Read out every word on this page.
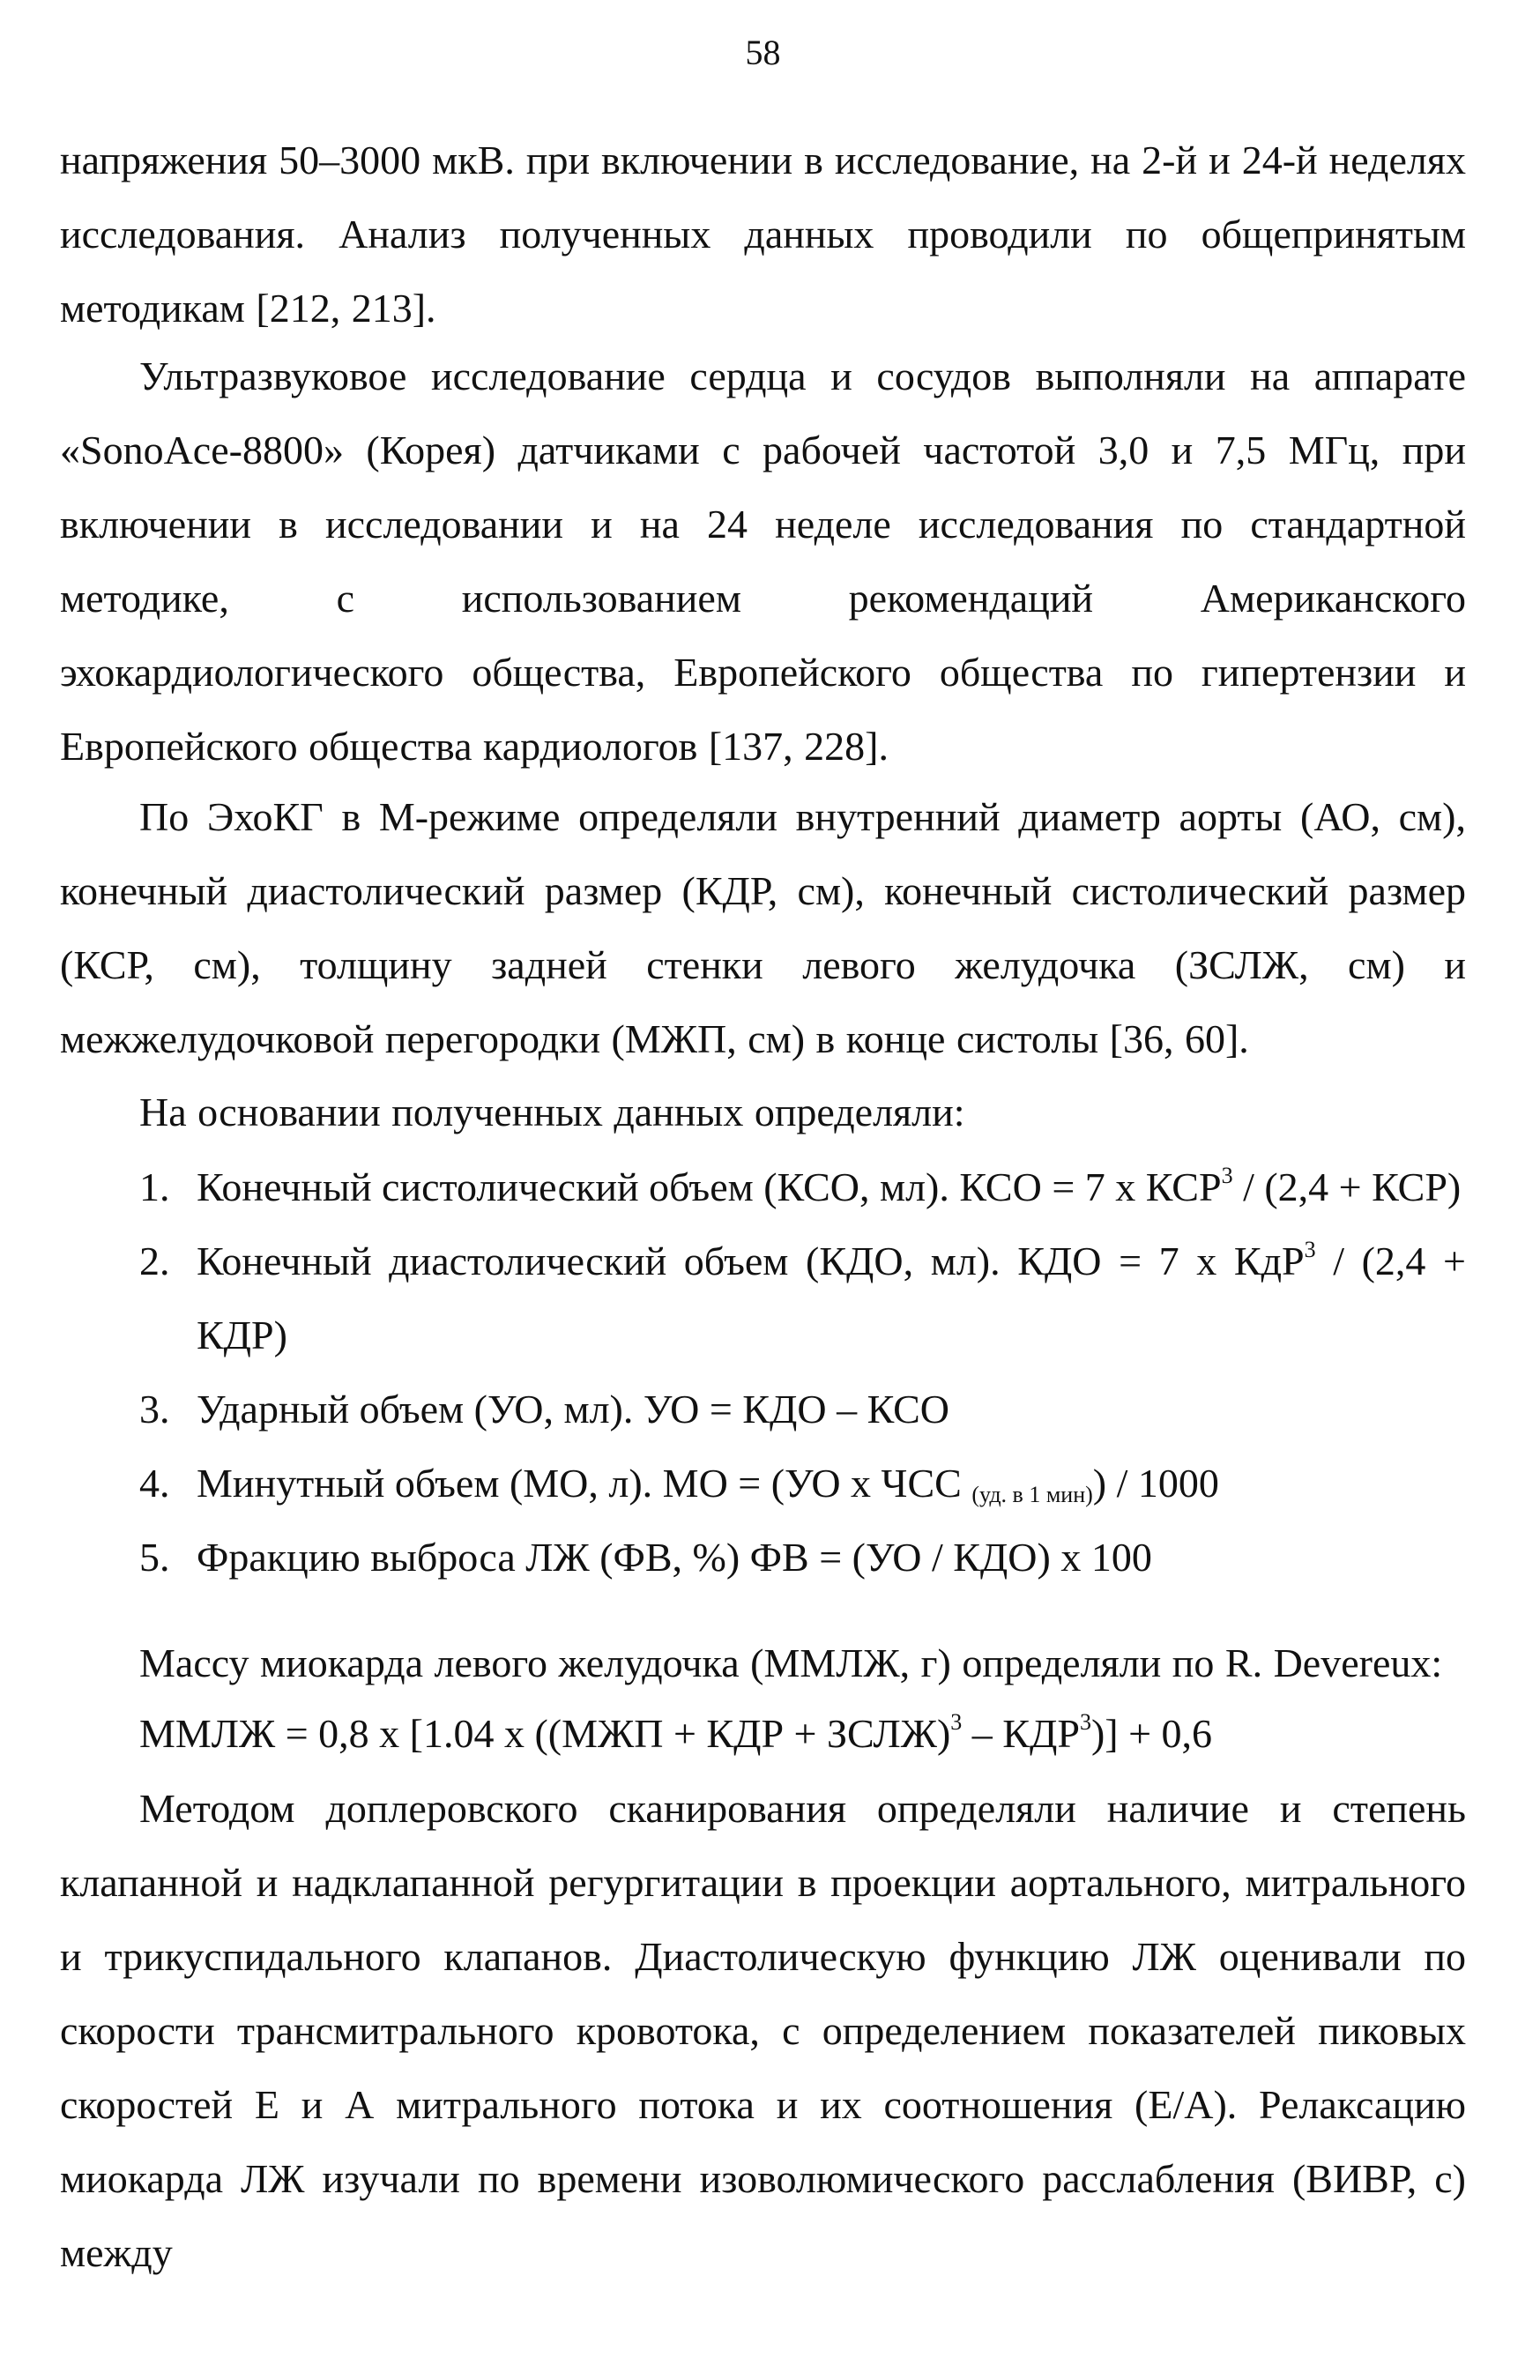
58
напряжения 50–3000 мкВ. при включении в исследование, на 2-й и 24-й неделях исследования. Анализ полученных данных проводили по общепринятым методикам [212, 213].
Ультразвуковое исследование сердца и сосудов выполняли на аппарате «SonoAce-8800» (Корея) датчиками с рабочей частотой 3,0 и 7,5 МГц, при включении в исследовании и на 24 неделе исследования по стандартной методике, с использованием рекомендаций Американского эхокардиологического общества, Европейского общества по гипертензии и Европейского общества кардиологов [137, 228].
По ЭхоКГ в М-режиме определяли внутренний диаметр аорты (АО, см), конечный диастолический размер (КДР, см), конечный систолический размер (КСР, см), толщину задней стенки левого желудочка (ЗСЛЖ, см) и межжелудочковой перегородки (МЖП, см) в конце систолы [36, 60].
На основании полученных данных определяли:
1. Конечный систолический объем (КСО, мл). КСО = 7 х КСР$^3$ / (2,4 + КСР)
2. Конечный диастолический объем (КДО, мл). КДО = 7 х КдР$^3$ / (2,4 + КДР)
3. Ударный объем (УО, мл). УО = КДО – КСО
4. Минутный объем (МО, л). МО = (УО х ЧСС $_{(уд. в 1 мин)}$) / 1000
5. Фракцию выброса ЛЖ (ФВ, %) ФВ = (УО / КДО) х 100
Массу миокарда левого желудочка (ММЛЖ, г) определяли по R. Devereux:
ММЛЖ = 0,8 х [1.04 х ((МЖП + КДР + ЗСЛЖ)$^3$ – $КДР^3)] + 0,6$
Методом доплеровского сканирования определяли наличие и степень клапанной и надклапанной регургитации в проекции аортального, митрального и трикуспидального клапанов. Диастолическую функцию ЛЖ оценивали по скорости трансмитрального кровотока, с определением показателей пиковых скоростей Е и А митрального потока и их соотношения (Е/А). Релаксацию миокарда ЛЖ изучали по времени изоволюмического расслабления (ВИВР, с) между
